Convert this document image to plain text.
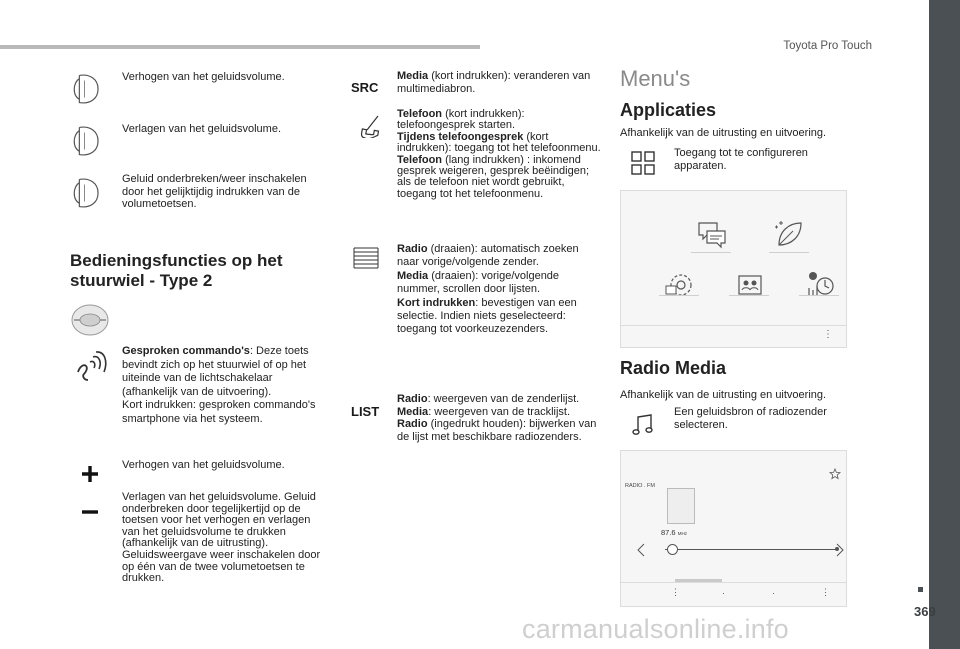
Toyota Pro Touch
369
carmanualsonline.info
Verhogen van het geluidsvolume.
Verlagen van het geluidsvolume.
Geluid onderbreken/weer inschakelen door het gelijktijdig indrukken van de volumetoetsen.
Bedieningsfuncties op het stuurwiel - Type 2
Gesproken commando's: Deze toets bevindt zich op het stuurwiel of op het uiteinde van de lichtschakelaar (afhankelijk van de uitvoering).
Kort indrukken: gesproken commando's smartphone via het systeem.
Verhogen van het geluidsvolume.
Verlagen van het geluidsvolume. Geluid onderbreken door tegelijkertijd op de toetsen voor het verhogen en verlagen van het geluidsvolume te drukken (afhankelijk van de uitrusting). Geluidsweergave weer inschakelen door op één van de twee volumetoetsen te drukken.
SRC
Media (kort indrukken): veranderen van multimediabron.
Telefoon (kort indrukken): telefoongesprek starten.
Tijdens telefoongesprek (kort indrukken): toegang tot het telefoonmenu.
Telefoon (lang indrukken) : inkomend gesprek weigeren, gesprek beëindigen; als de telefoon niet wordt gebruikt, toegang tot het telefoonmenu.
Radio (draaien): automatisch zoeken naar vorige/volgende zender.
Media (draaien): vorige/volgende nummer, scrollen door lijsten.
Kort indrukken: bevestigen van een selectie. Indien niets geselecteerd: toegang tot voorkeuzezenders.
LIST
Radio: weergeven van de zenderlijst.
Media: weergeven van de tracklijst.
Radio (ingedrukt houden): bijwerken van de lijst met beschikbare radiozenders.
Menu's
Applicaties
Afhankelijk van de uitrusting en uitvoering.
Toegang tot te configureren apparaten.
⋮
Radio Media
Afhankelijk van de uitrusting en uitvoering.
Een geluidsbron of radiozender selecteren.
RADIO . FM
87.6 MHz
⋮	·	·	⋮
